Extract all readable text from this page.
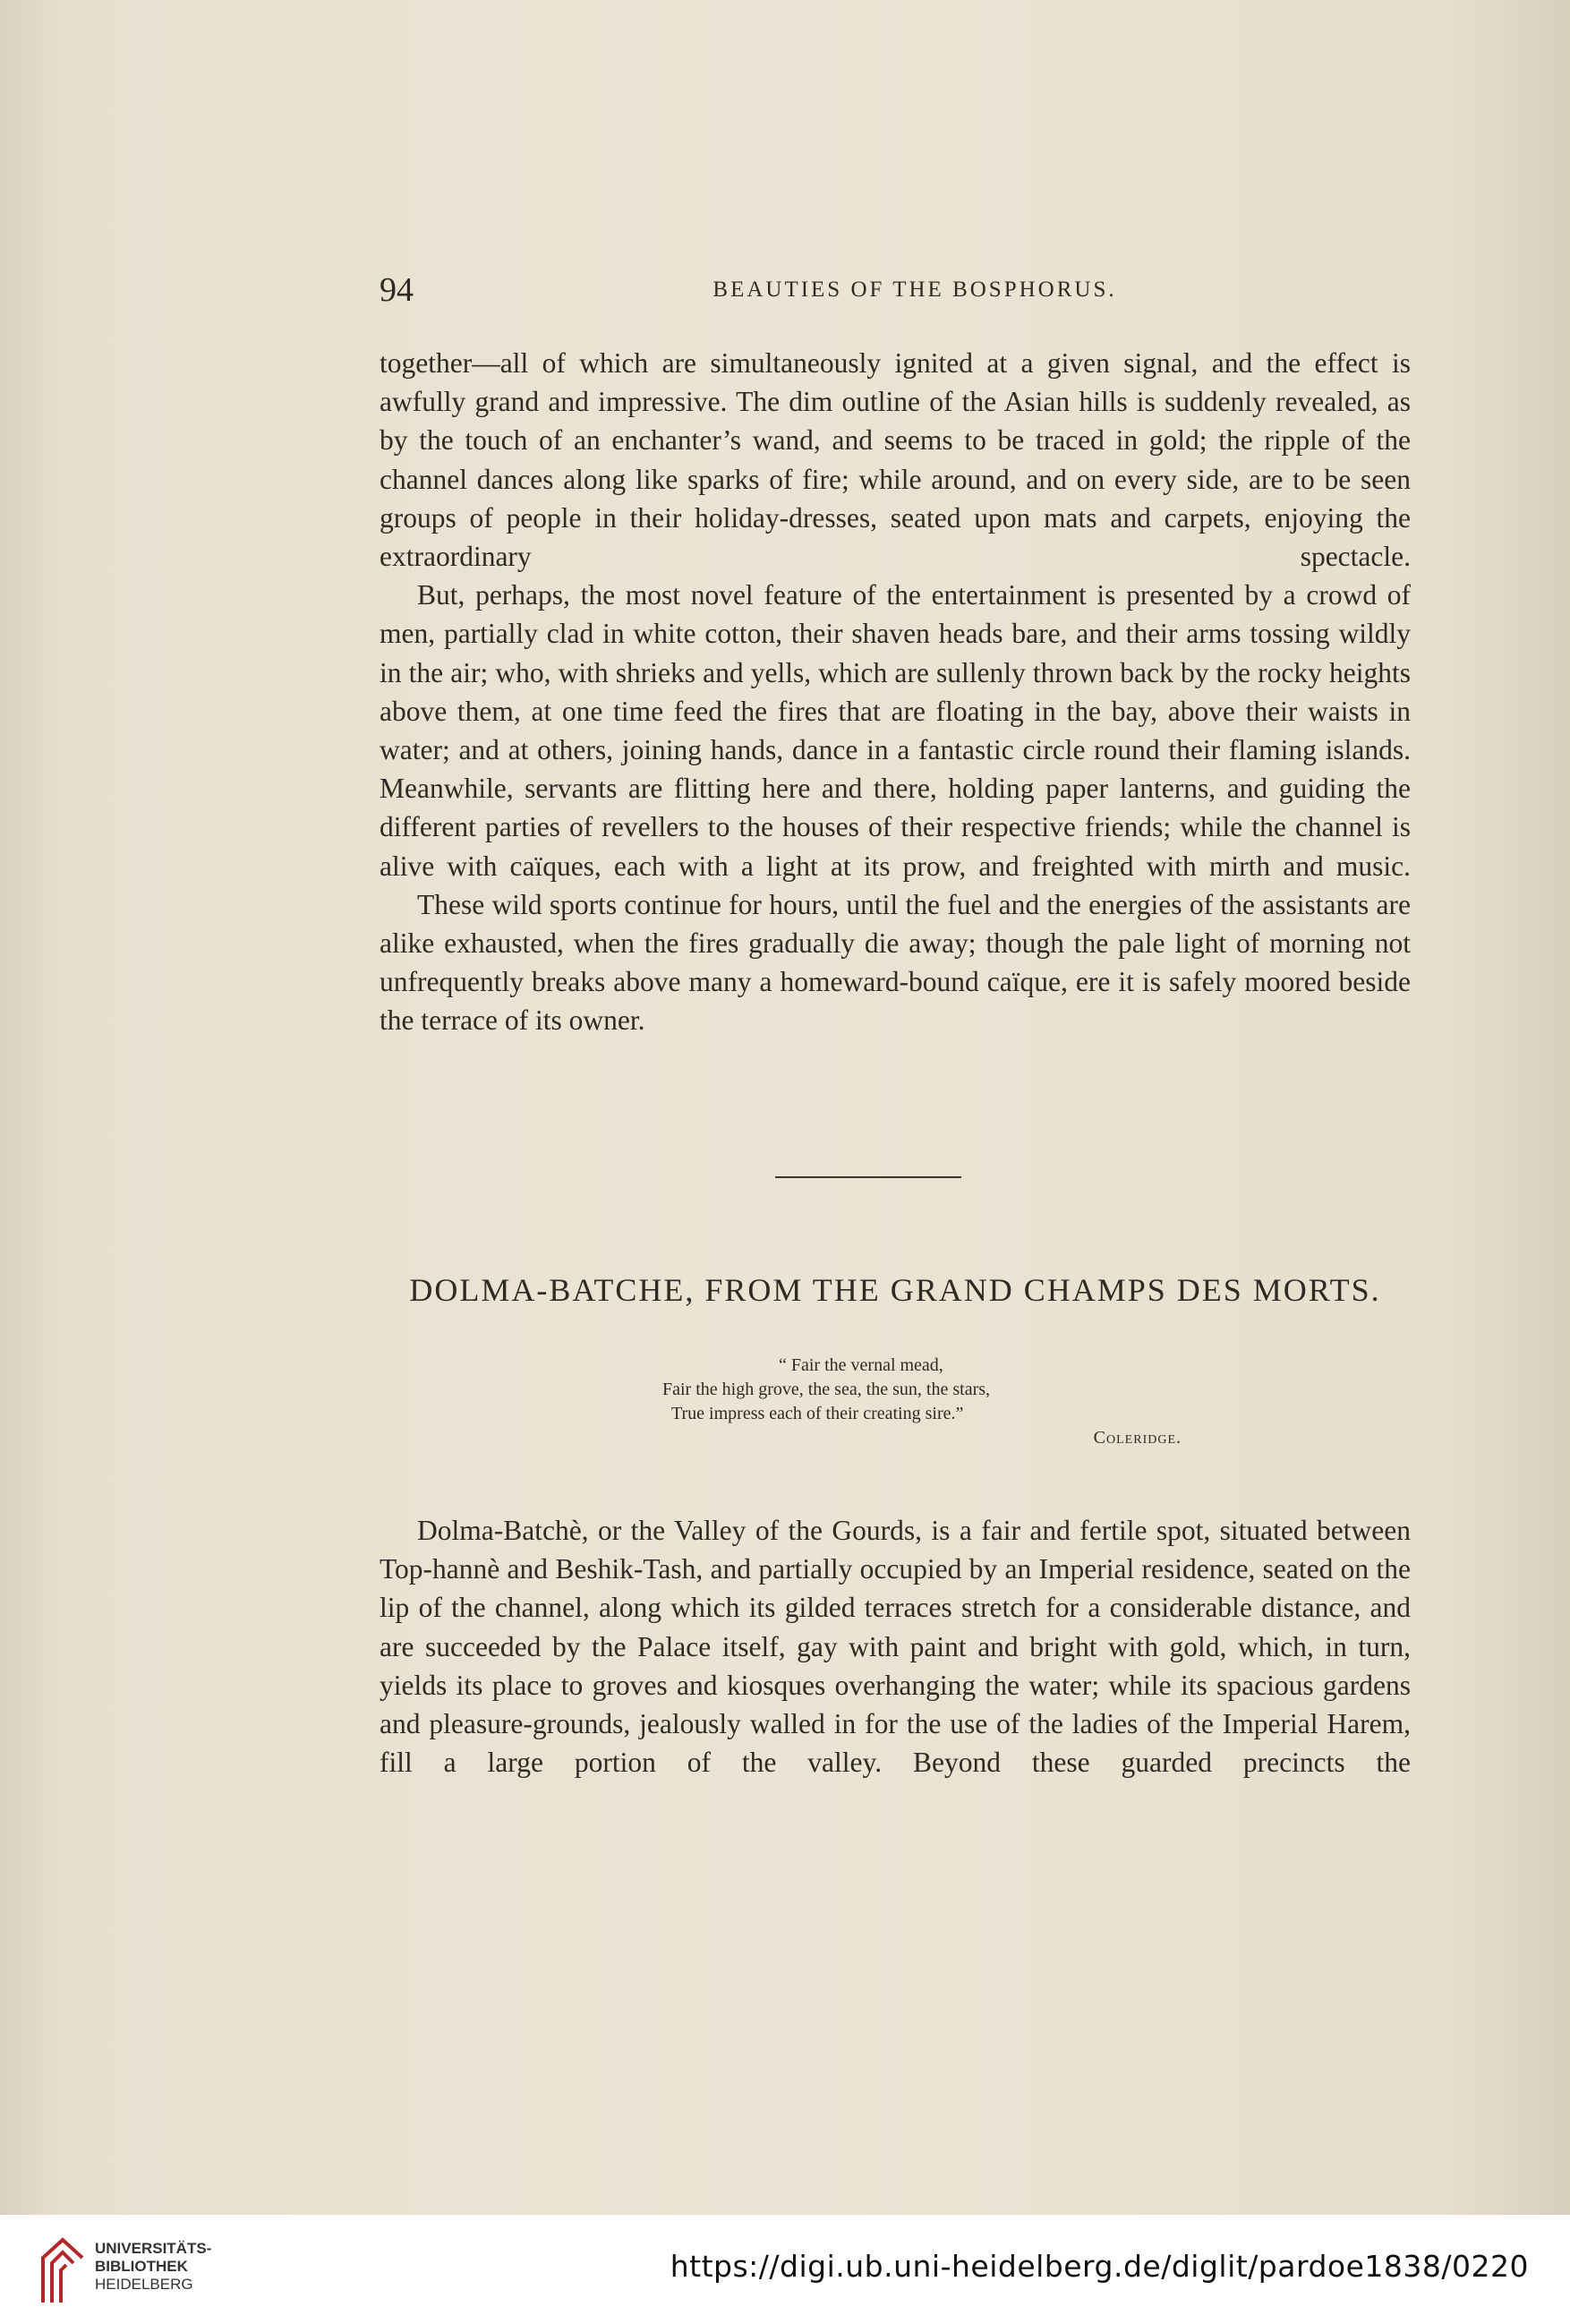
94	BEAUTIES OF THE BOSPHORUS.

together—all of which are simultaneously ignited at a given signal, and the effect is awfully grand and impressive. The dim outline of the Asian hills is suddenly revealed, as by the touch of an enchanter’s wand, and seems to be traced in gold; the ripple of the channel dances along like sparks of fire; while around, and on every side, are to be seen groups of people in their holiday-dresses, seated upon mats and carpets, enjoying the extraordinary spectacle.

But, perhaps, the most novel feature of the entertainment is presented by a crowd of men, partially clad in white cotton, their shaven heads bare, and their arms tossing wildly in the air; who, with shrieks and yells, which are sullenly thrown back by the rocky heights above them, at one time feed the fires that are floating in the bay, above their waists in water; and at others, joining hands, dance in a fantastic circle round their flaming islands. Meanwhile, servants are flitting here and there, holding paper lanterns, and guiding the different parties of revellers to the houses of their respective friends; while the channel is alive with caïques, each with a light at its prow, and freighted with mirth and music.

These wild sports continue for hours, until the fuel and the energies of the assistants are alike exhausted, when the fires gradually die away; though the pale light of morning not unfrequently breaks above many a homeward-bound caïque, ere it is safely moored beside the terrace of its owner.

DOLMA-BATCHE, FROM THE GRAND CHAMPS DES MORTS.
“ Fair the vernal mead,
Fair the high grove, the sea, the sun, the stars,
True impress each of their creating sire.”
Coleridge.

Dolma-Batchè, or the Valley of the Gourds, is a fair and fertile spot, situated between Top-hannè and Beshik-Tash, and partially occupied by an Imperial residence, seated on the lip of the channel, along which its gilded terraces stretch for a considerable distance, and are succeeded by the Palace itself, gay with paint and bright with gold, which, in turn, yields its place to groves and kiosques overhanging the water; while its spacious gardens and pleasure-grounds, jealously walled in for the use of the ladies of the Imperial Harem, fill a large portion of the valley. Beyond these guarded precincts the

UNIVERSITÄTS-
BIBLIOTHEK
HEIDELBERG
https://digi.ub.uni-heidelberg.de/diglit/pardoe1838/0220
